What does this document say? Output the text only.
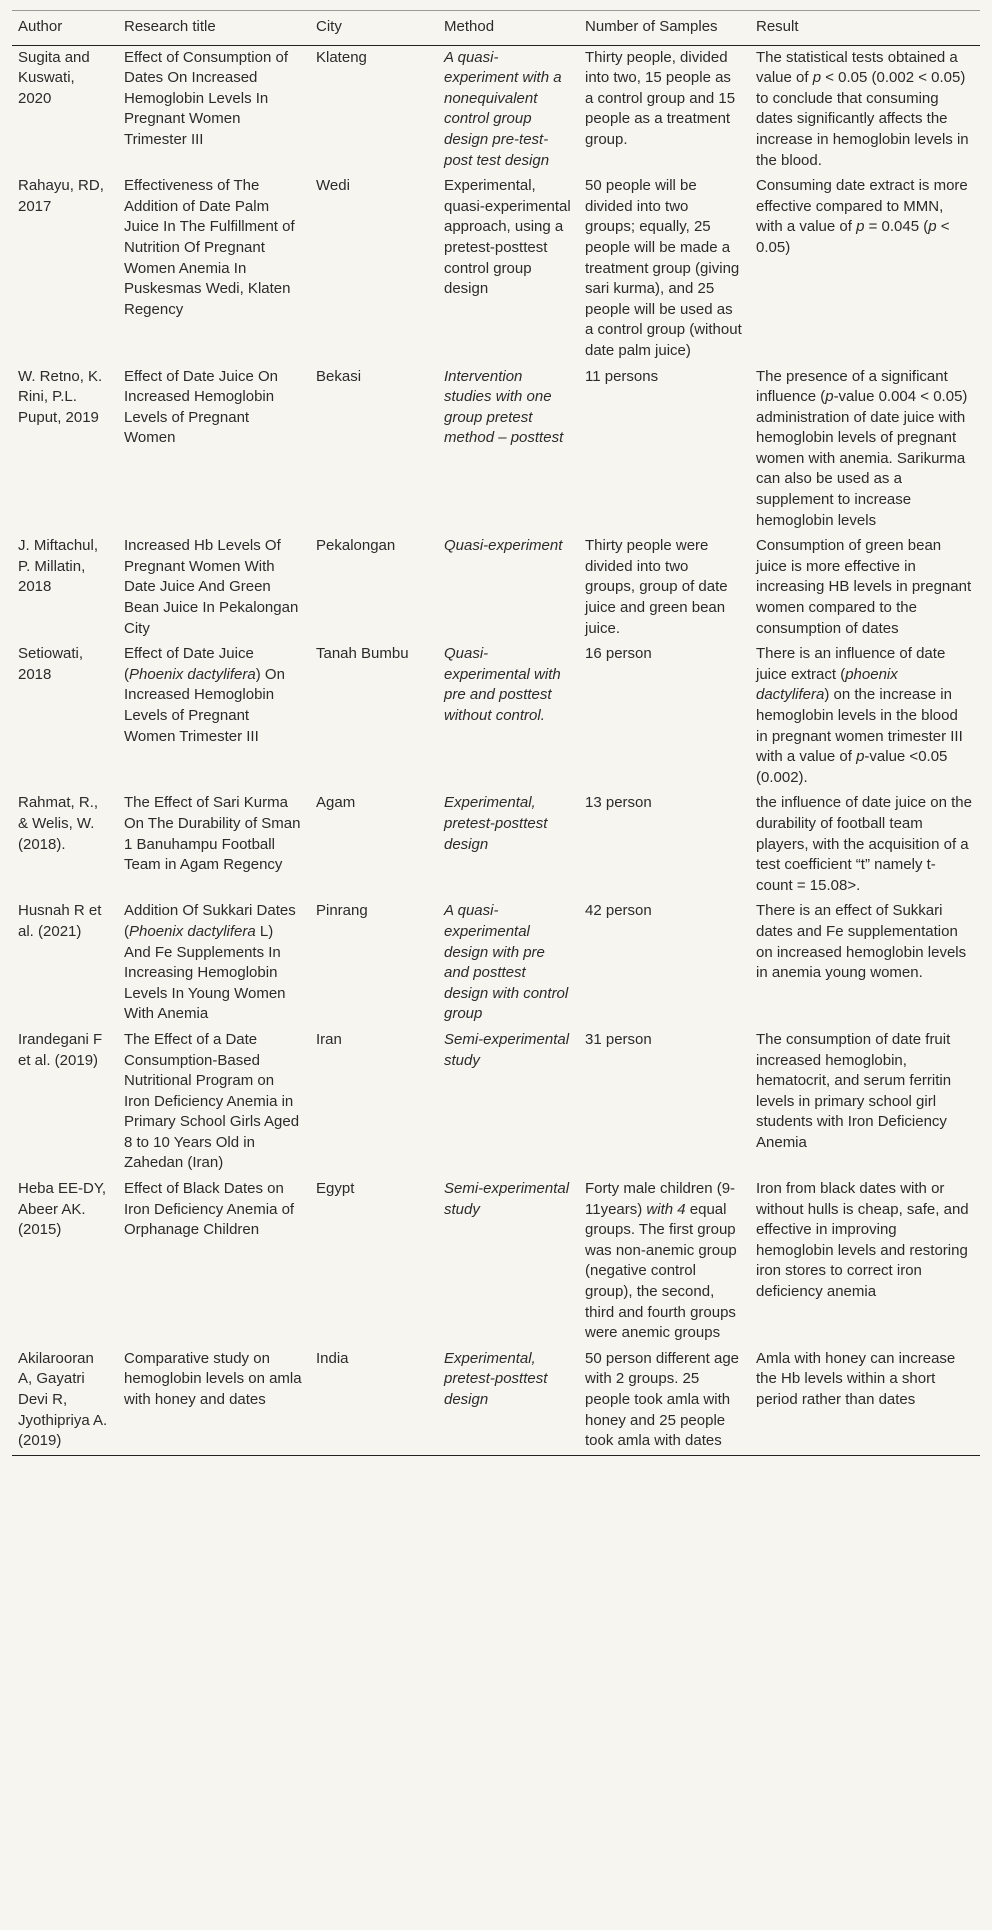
Author	Research title	City	Method	Number of Samples	Result
Sugita and Kuswati, 2020	Effect of Consumption of Dates On Increased Hemoglobin Levels In Pregnant Women Trimester III	Klateng	A quasi-experiment with a nonequivalent control group design pre-test-post test design	Thirty people, divided into two, 15 people as a control group and 15 people as a treatment group.	The statistical tests obtained a value of p < 0.05 (0.002 < 0.05) to conclude that consuming dates significantly affects the increase in hemoglobin levels in the blood.
Rahayu, RD, 2017	Effectiveness of The Addition of Date Palm Juice In The Fulfillment of Nutrition Of Pregnant Women Anemia In Puskesmas Wedi, Klaten Regency	Wedi	Experimental, quasi-experimental approach, using a pretest-posttest control group design	50 people will be divided into two groups; equally, 25 people will be made a treatment group (giving sari kurma), and 25 people will be used as a control group (without date palm juice)	Consuming date extract is more effective compared to MMN, with a value of p = 0.045 (p < 0.05)
W. Retno, K. Rini, P.L. Puput, 2019	Effect of Date Juice On Increased Hemoglobin Levels of Pregnant Women	Bekasi	Intervention studies with one group pretest method – posttest	11 persons	The presence of a significant influence (p-value 0.004 < 0.05) administration of date juice with hemoglobin levels of pregnant women with anemia. Sarikurma can also be used as a supplement to increase hemoglobin levels
J. Miftachul, P. Millatin, 2018	Increased Hb Levels Of Pregnant Women With Date Juice And Green Bean Juice In Pekalongan City	Pekalongan	Quasi-experiment	Thirty people were divided into two groups, group of date juice and green bean juice.	Consumption of green bean juice is more effective in increasing HB levels in pregnant women compared to the consumption of dates
Setiowati, 2018	Effect of Date Juice (Phoenix dactylifera) On Increased Hemoglobin Levels of Pregnant Women Trimester III	Tanah Bumbu	Quasi-experimental with pre and posttest without control.	16 person	There is an influence of date juice extract (phoenix dactylifera) on the increase in hemoglobin levels in the blood in pregnant women trimester III with a value of p-value <0.05 (0.002).
Rahmat, R., & Welis, W. (2018).	The Effect of Sari Kurma On The Durability of Sman 1 Banuhampu Football Team in Agam Regency	Agam	Experimental, pretest-posttest design	13 person	the influence of date juice on the durability of football team players, with the acquisition of a test coefficient “t” namely t-count = 15.08>.
Husnah R et al. (2021)	Addition Of Sukkari Dates (Phoenix dactylifera L) And Fe Supplements In Increasing Hemoglobin Levels In Young Women With Anemia	Pinrang	A quasi-experimental design with pre and posttest design with control group	42 person	There is an effect of Sukkari dates and Fe supplementation on increased hemoglobin levels in anemia young women.
Irandegani F et al. (2019)	The Effect of a Date Consumption-Based Nutritional Program on Iron Deficiency Anemia in Primary School Girls Aged 8 to 10 Years Old in Zahedan (Iran)	Iran	Semi-experimental study	31 person	The consumption of date fruit increased hemoglobin, hematocrit, and serum ferritin levels in primary school girl students with Iron Deficiency Anemia
Heba EE-DY, Abeer AK. (2015)	Effect of Black Dates on Iron Deficiency Anemia of Orphanage Children	Egypt	Semi-experimental study	Forty male children (9-11years) with 4 equal groups. The first group was non-anemic group (negative control group), the second, third and fourth groups were anemic groups	Iron from black dates with or without hulls is cheap, safe, and effective in improving hemoglobin levels and restoring iron stores to correct iron deficiency anemia
Akilarooran A, Gayatri Devi R, Jyothipriya A. (2019)	Comparative study on hemoglobin levels on amla with honey and dates	India	Experimental, pretest-posttest design	50 person different age with 2 groups. 25 people took amla with honey and 25 people took amla with dates	Amla with honey can increase the Hb levels within a short period rather than dates
